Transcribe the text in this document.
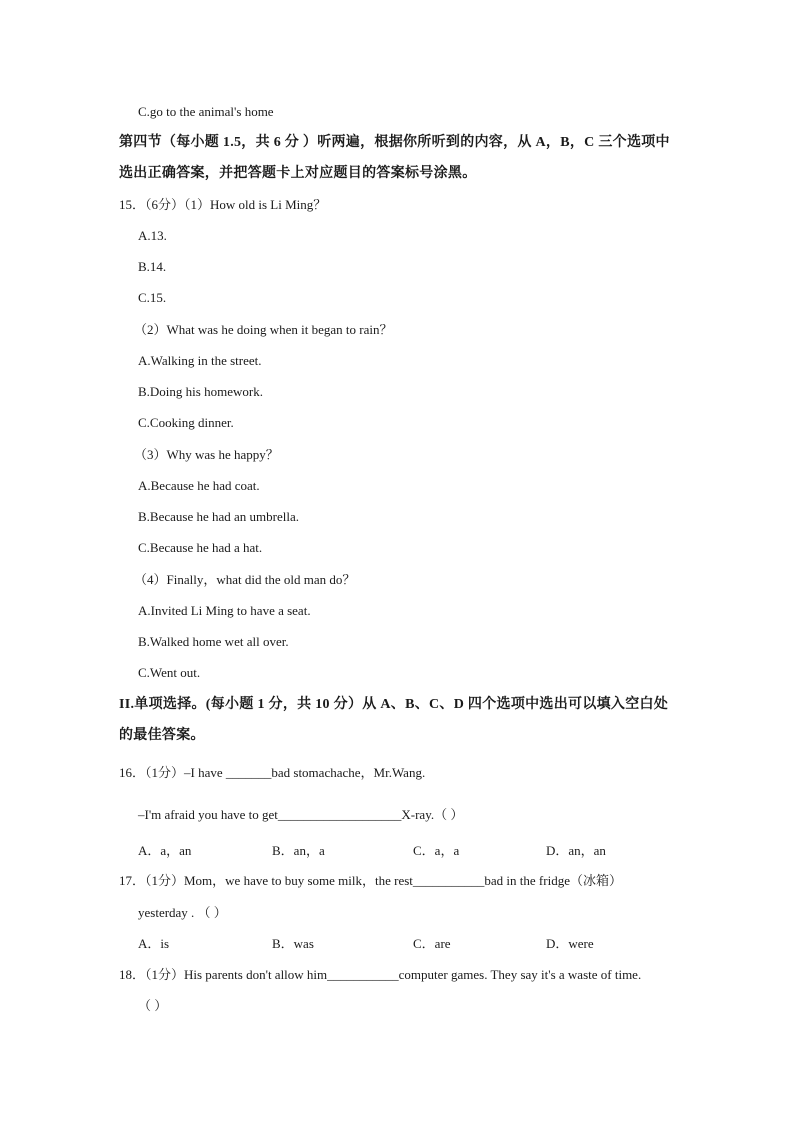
C.go to the animal's home
第四节（每小题 1.5，共 6 分 ）听两遍，根据你所听到的内容，从 A，B，C 三个选项中
选出正确答案，并把答题卡上对应题目的答案标号涂黑。
15．（6分）（1）How old is Li Ming？
A.13.
B.14.
C.15.
（2）What was he doing when it began to rain？
A.Walking in the street.
B.Doing his homework.
C.Cooking dinner.
（3）Why was he happy？
A.Because he had coat.
B.Because he had an umbrella.
C.Because he had a hat.
（4）Finally，what did the old man do？
A.Invited Li Ming to have a seat.
B.Walked home wet all over.
C.Went out.
II.单项选择。(每小题 1 分，共 10 分）从 A、B、C、D 四个选项中选出可以填入空白处
的最佳答案。
16．（1分）–I have _______bad stomachache，Mr.Wang.
–I'm afraid you have to get___________________X-ray.（ ）
A．a，an	B．an，a	C．a，a	D．an，an
17．（1分）Mom，we have to buy some milk，the rest___________bad in the fridge（冰箱）
yesterday . （ ）
A．is	B．was	C．are	D．were
18．（1分）His parents don't allow him___________computer games. They say it's a waste of time.
（ ）
